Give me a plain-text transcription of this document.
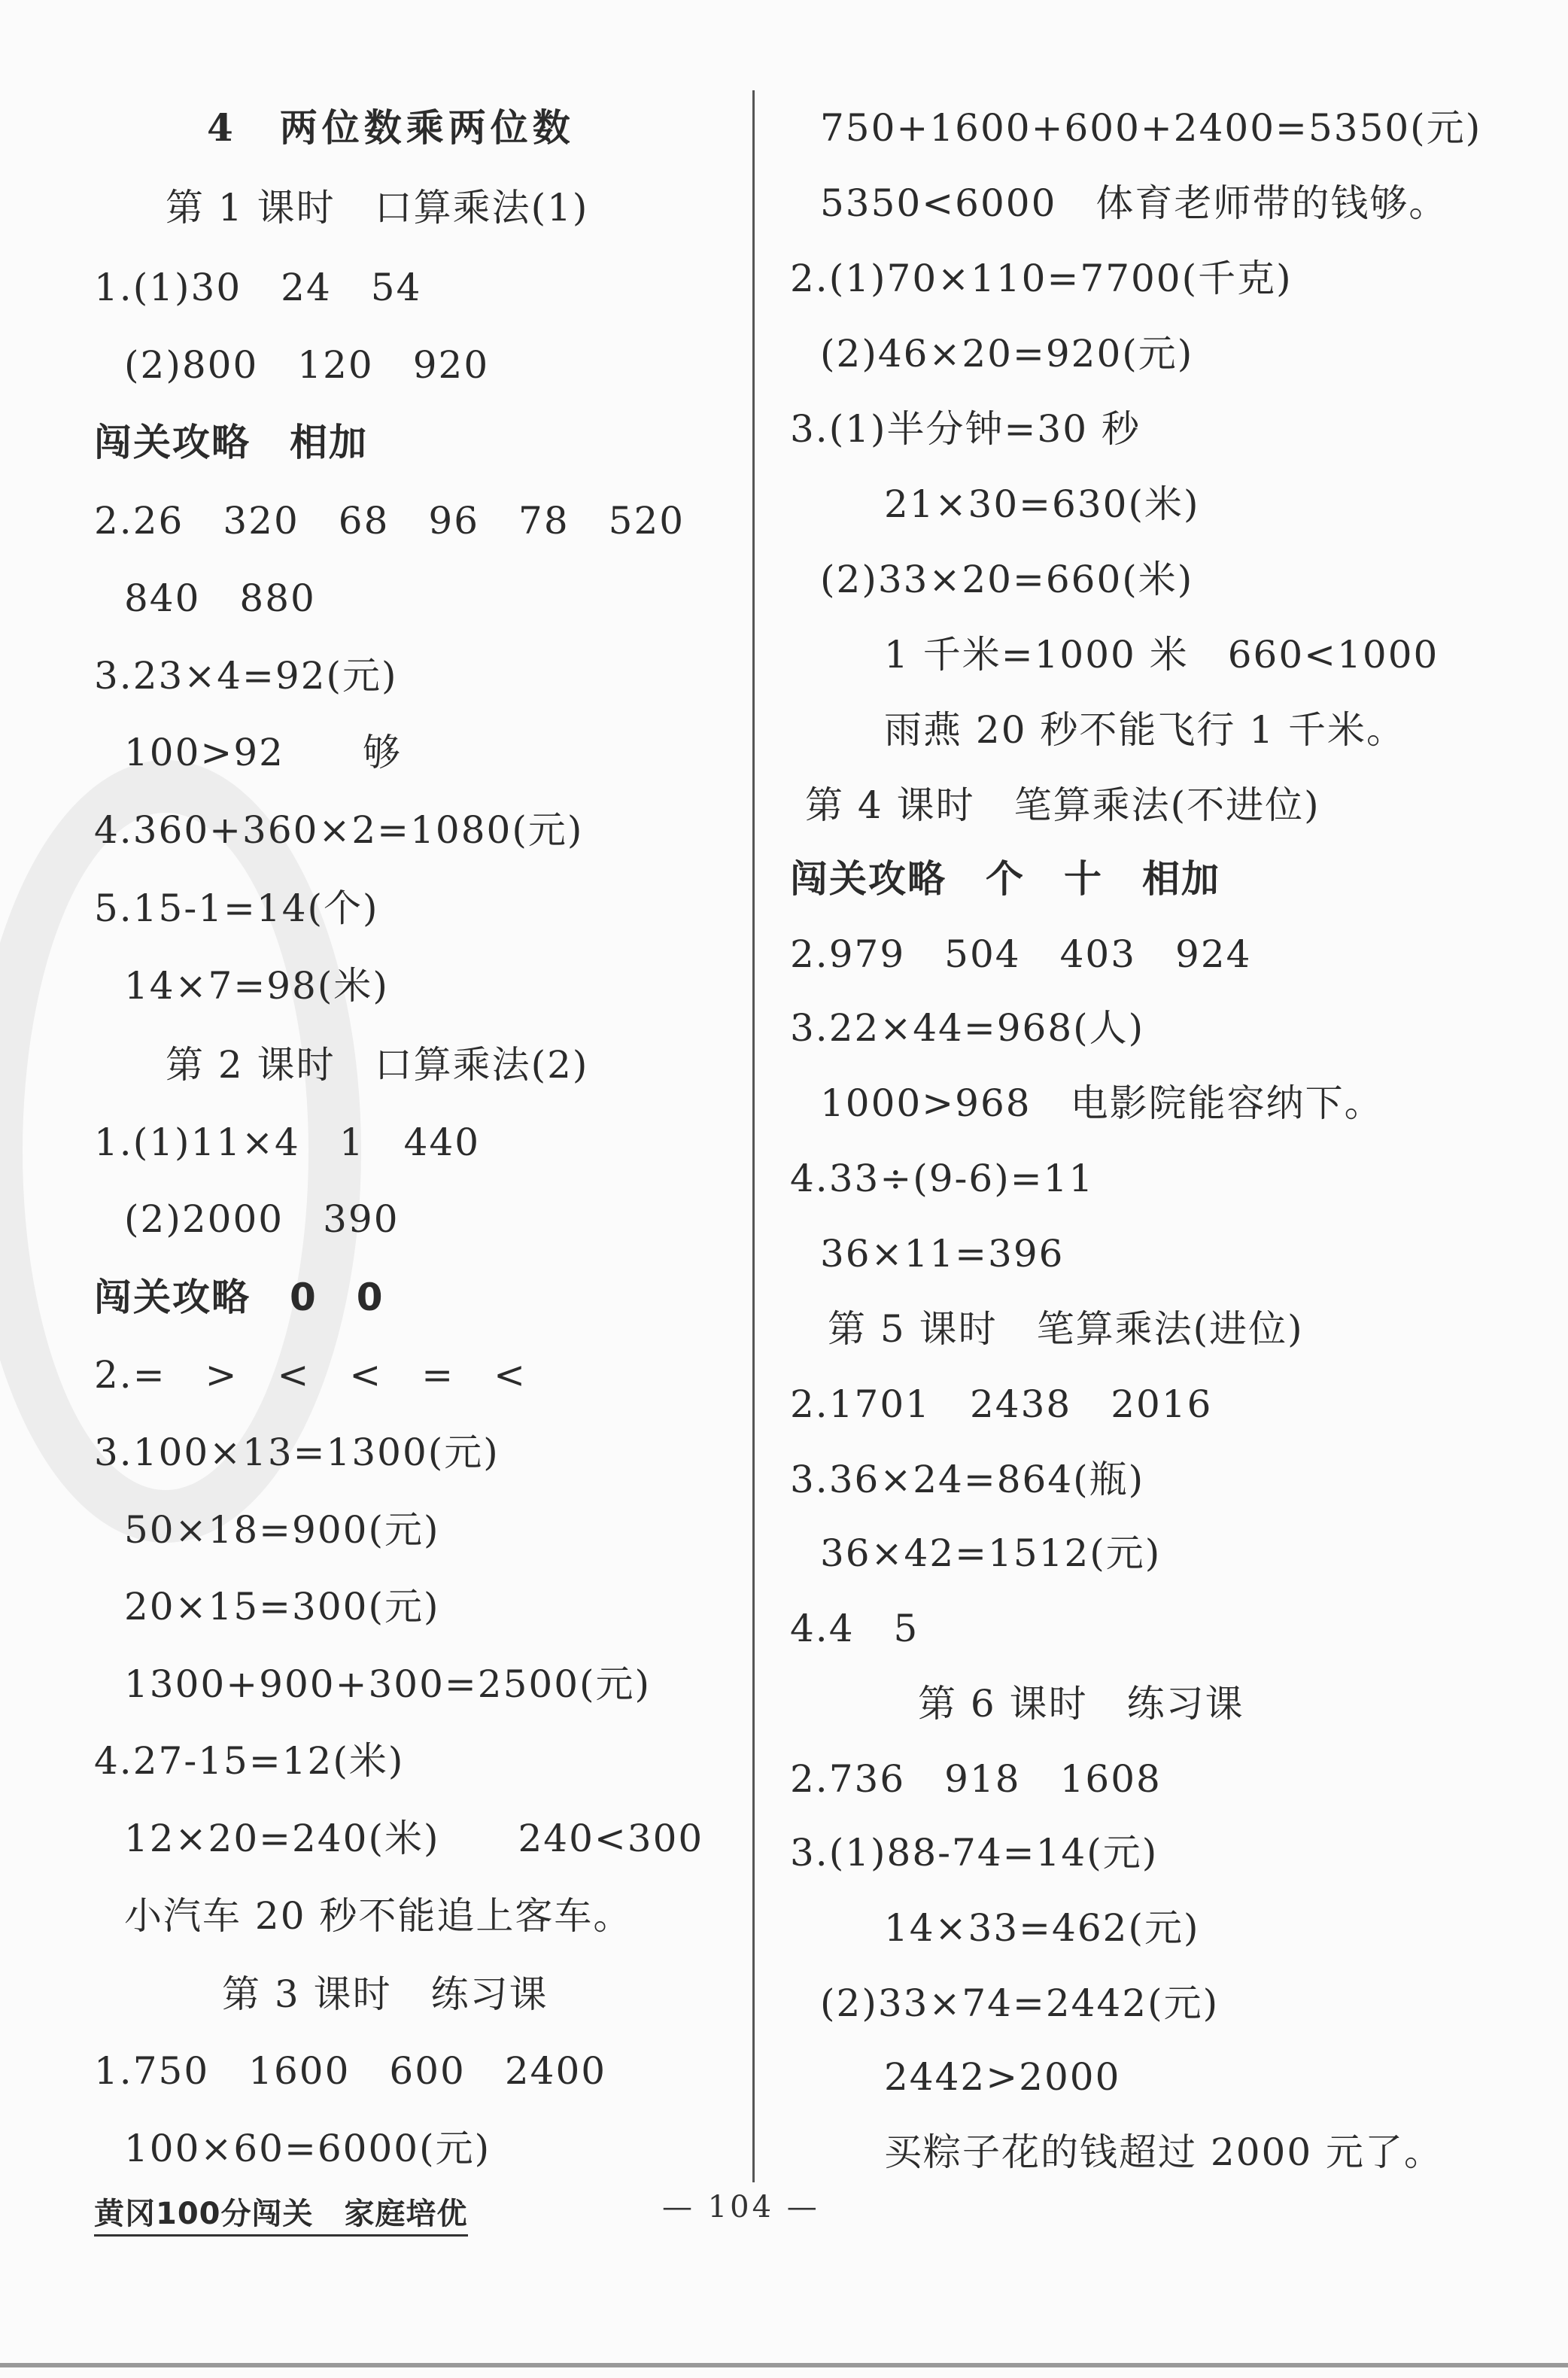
4　两位数乘两位数
第 1 课时　口算乘法(1)
1.(1)30　24　54
(2)800　120　920
闯关攻略　相加
2.26　320　68　96　78　520
840　880
3.23×4=92(元)
100>92　　够
4.360+360×2=1080(元)
5.15-1=14(个)
14×7=98(米)
第 2 课时　口算乘法(2)
1.(1)11×4　1　440
(2)2000　390
闯关攻略　0　0
2.=　>　<　<　=　<
3.100×13=1300(元)
50×18=900(元)
20×15=300(元)
1300+900+300=2500(元)
4.27-15=12(米)
12×20=240(米)　　240<300
小汽车 20 秒不能追上客车。
第 3 课时　练习课
1.750　1600　600　2400
100×60=6000(元)
750+1600+600+2400=5350(元)
5350<6000　体育老师带的钱够。
2.(1)70×110=7700(千克)
(2)46×20=920(元)
3.(1)半分钟=30 秒
21×30=630(米)
(2)33×20=660(米)
1 千米=1000 米　660<1000
雨燕 20 秒不能飞行 1 千米。
第 4 课时　笔算乘法(不进位)
闯关攻略　个　十　相加
2.979　504　403　924
3.22×44=968(人)
1000>968　电影院能容纳下。
4.33÷(9-6)=11
36×11=396
第 5 课时　笔算乘法(进位)
2.1701　2438　2016
3.36×24=864(瓶)
36×42=1512(元)
4.4　5
第 6 课时　练习课
2.736　918　1608
3.(1)88-74=14(元)
14×33=462(元)
(2)33×74=2442(元)
2442>2000
买粽子花的钱超过 2000 元了。
黄冈100分闯关　家庭培优	— 104 —
